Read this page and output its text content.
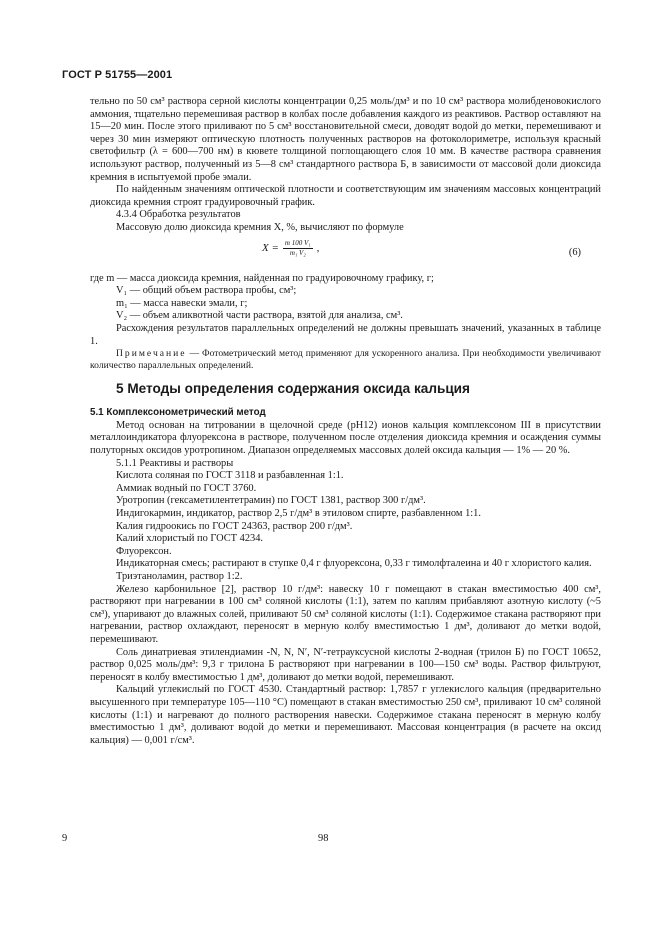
ГОСТ Р 51755—2001

тельно по 50 см³ раствора серной кислоты концентрации 0,25 моль/дм³ и по 10 см³ раствора молибденовокислого аммония, тщательно перемешивая раствор в колбах после добавления каждого из реактивов. Раствор оставляют на 15—20 мин. После этого приливают по 5 см³ восстановительной смеси, доводят водой до метки, перемешивают и через 30 мин измеряют оптическую плотность полученных растворов на фотоколориметре, используя красный светофильтр (λ = 600—700 нм) в кювете толщиной поглощающего слоя 10 мм. В качестве раствора сравнения используют раствор, полученный из 5—8 см³ стандартного раствора Б, в зависимости от массовой доли диоксида кремния в испытуемой пробе эмали.

По найденным значениям оптической плотности и соответствующим им значениям массовых концентраций диоксида кремния строят градуировочный график.

4.3.4 Обработка результатов

Массовую долю диоксида кремния X, %, вычисляют по формуле

$X = \frac{\text{m 100 V₁}}{\text{m₁ V₂}}$ ,	(6)

где m — масса диоксида кремния, найденная по градуировочному графику, г;

V₁ — общий объем раствора пробы, см³;

m₁ — масса навески эмали, г;

V₂ — объем аликвотной части раствора, взятой для анализа, см³.

Расхождения результатов параллельных определений не должны превышать значений, указанных в таблице 1.

Примечание — Фотометрический метод применяют для ускоренного анализа. При необходимости увеличивают количество параллельных определений.

5 Методы определения содержания оксида кальция
5.1 Комплексонометрический метод

Метод основан на титровании в щелочной среде (рН12) ионов кальция комплексоном III в присутствии металлоиндикатора флуорексона в растворе, полученном после отделения диоксида кремния и осаждения суммы полуторных оксидов уротропином. Диапазон определяемых массовых долей оксида кальция — 1% — 20 %.

5.1.1 Реактивы и растворы

Кислота соляная по ГОСТ 3118 и разбавленная 1:1.

Аммиак водный по ГОСТ 3760.

Уротропин (гексаметилентетрамин) по ГОСТ 1381, раствор 300 г/дм³.

Индигокармин, индикатор, раствор 2,5 г/дм³ в этиловом спирте, разбавленном 1:1.

Калия гидроокись по ГОСТ 24363, раствор 200 г/дм³.

Калий хлористый по ГОСТ 4234.

Флуорексон.

Индикаторная смесь; растирают в ступке 0,4 г флуорексона, 0,33 г тимолфталеина и 40 г хлористого калия.

Триэтаноламин, раствор 1:2.

Железо карбонильное [2], раствор 10 г/дм³: навеску 10 г помещают в стакан вместимостью 400 см³, растворяют при нагревании в 100 см³ соляной кислоты (1:1), затем по каплям прибавляют азотную кислоту (~5 см³), упаривают до влажных солей, приливают 50 см³ соляной кислоты (1:1). Содержимое стакана растворяют при нагревании, раствор охлаждают, переносят в мерную колбу вместимостью 1 дм³, доливают до метки водой, перемешивают.

Соль динатриевая этилендиамин -N, N, N′, N′-тетрауксусной кислоты 2-водная (трилон Б) по ГОСТ 10652, раствор 0,025 моль/дм³: 9,3 г трилона Б растворяют при нагревании в 100—150 см³ воды. Раствор фильтруют, переносят в колбу вместимостью 1 дм³, доливают до метки водой, перемешивают.

Кальций углекислый по ГОСТ 4530. Стандартный раствор: 1,7857 г углекислого кальция (предварительно высушенного при температуре 105—110 °С) помещают в стакан вместимостью 250 см³, приливают 10 см³ соляной кислоты (1:1) и нагревают до полного растворения навески. Содержимое стакана переносят в мерную колбу вместимостью 1 дм³, доливают водой до метки и перемешивают. Массовая концентрация (в расчете на оксид кальция) — 0,001 г/см³.

9	98
